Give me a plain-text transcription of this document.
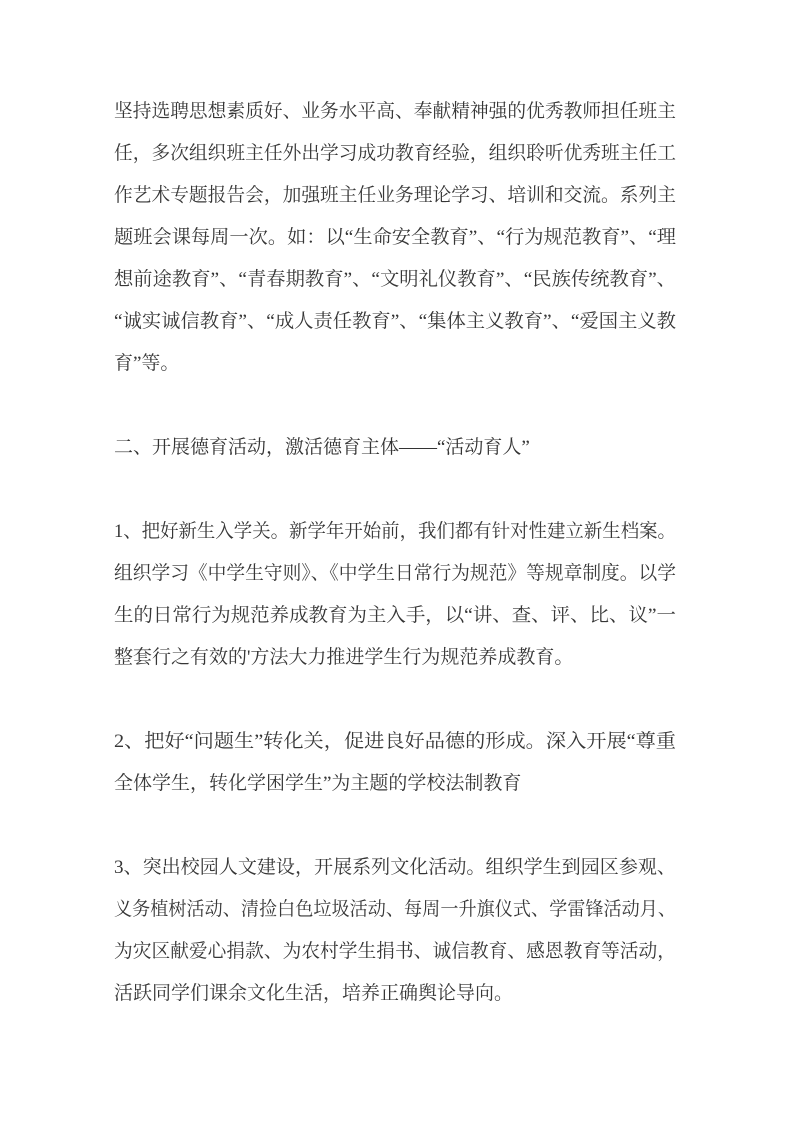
坚持选聘思想素质好、业务水平高、奉献精神强的优秀教师担任班主
任，多次组织班主任外出学习成功教育经验，组织聆听优秀班主任工
作艺术专题报告会，加强班主任业务理论学习、培训和交流。系列主
题班会课每周一次。如：以“生命安全教育”、“行为规范教育”、“理
想前途教育”、“青春期教育”、“文明礼仪教育”、“民族传统教育”、
“诚实诚信教育”、“成人责任教育”、“集体主义教育”、“爱国主义教
育”等。
二、开展德育活动，激活德育主体——“活动育人”
1、把好新生入学关。新学年开始前，我们都有针对性建立新生档案。
组织学习《中学生守则》、《中学生日常行为规范》等规章制度。以学
生的日常行为规范养成教育为主入手，以“讲、查、评、比、议”一
整套行之有效的'方法大力推进学生行为规范养成教育。
2、把好“问题生”转化关，促进良好品德的形成。深入开展“尊重
全体学生，转化学困学生”为主题的学校法制教育
3、突出校园人文建设，开展系列文化活动。组织学生到园区参观、
义务植树活动、清捡白色垃圾活动、每周一升旗仪式、学雷锋活动月、
为灾区献爱心捐款、为农村学生捐书、诚信教育、感恩教育等活动，
活跃同学们课余文化生活，培养正确舆论导向。
